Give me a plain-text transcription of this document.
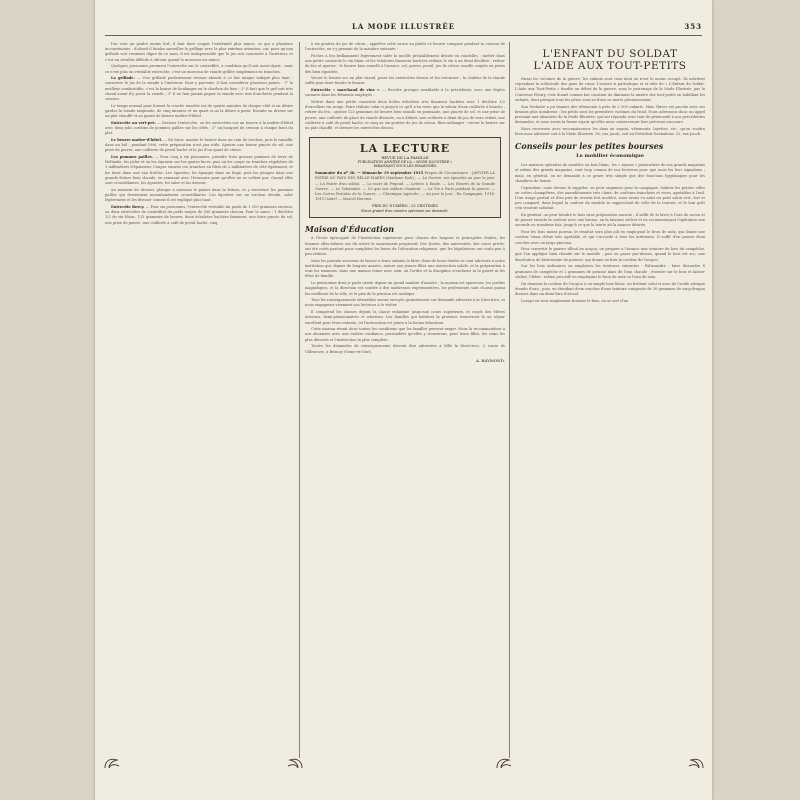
LA MODE ILLUSTRÉE	353

l'on veut un poulet moins fort, il faut faire couper l'extrémité plus mince, ce qui a plusieurs inconvénients : d'abord il faudra surveiller le grillage avec la plus extrême attention, car, pour qu'une grillade soit vraiment digne de ce nom, il est indispensable que le jus soit concentré à l'intérieur, et c'est un résultat difficile à obtenir quand le morceau est mince.

Quelques personnes prennent l'entrecôte sur le contrefilet, à condition qu'il soit assez épais ; mais ce n'est plus un véritable entrecôte, c'est un morceau de viande grillée simplement en tranches.

La grillade. — Une grillade parfaitement réussie aboutit à ce but unique indiqué plus haut : conserver le jus de la viande à l'intérieur. Pour y parvenir, il faut considérer plusieurs points : 1° le meilleur combustible, c'est la braise de boulanger ou le charbon de bois ; 2° il faut que le gril soit très chaud avant d'y poser la viande ; 3° il ne faut jamais piquer la viande avec une fourchette pendant la cuisson.

Le temps normal pour former la couche rissolée est de quatre minutes de chaque côté si on désire garder la viande saignante, de cinq minutes et un quart si on la désire à point. Ensuite on dresse sur un plat chauffé et on garnit de beurre maître-d'hôtel.

Entrecôte au vert-pré. — Dresser l'entrecôte, ou les entrecôtes sur un beurre à la maître-d'hôtel avec deux jolis cordons de pommes pailles sur les côtés ; 2° un bouquet de cresson à chaque bout du plat.

Le beurre maître-d'hôtel. — En hiver, manier le beurre dans un coin de torchon, puis le ramollir dans un bol ; pendant l'été, cette préparation n'est pas utile. Ajouter une bonne pincée de sel, une prise de poivre, une cuillerée de persil haché et le jus d'un quart de citron.

Les pommes pailles. — Pour cinq à six personnes, prendre trois grosses pommes de terre de Hollande, les peler et en les équarrir sur les quatre faces, puis on les coupe en tranches régulières de 3 millimètres d'épaisseur. Couper ensuite ces tranches en filets de 2 millimètres de côté également, et les laver dans une eau fraîche. Les égoutter, les éponger dans un linge, puis les plonger dans une grande friture bien chaude, en remuant avec l'écumoire pour qu'elles ne se collent pas. Quand elles sont croustillantes, les égoutter, les saler et les dresser.

Au moment de dresser, plonger à nouveau le panier dans la friture, et y renverser les pommes pailles qui deviennent instantanément croustillantes. Les égoutter sur un torchon étendu, saler légèrement et les dresser comme il est expliqué plus haut.

Entrecôte Bercy. — Pour six personnes, l'entrecôte véritable du poids de 1 200 grammes environ, ou deux entrecôtes de contrefilet du poids moyen de 300 grammes chacun. Pour la sauce : 1 décilitre 1/2 de vin blanc, 125 grammes de beurre, deux échalotes hachées finement, une forte pincée de sel, une prise de poivre, une cuillerée à café de persil haché, cinq

à six gouttes de jus de citron ; apprêter cette sauce au plutôt ce beurre composé pendant la cuisson de l'entrecôte, en s'y prenant de la manière suivante :

Poches à feu brillamment légèrement salée la moelle préalablement divisée en rondelles ; mettre dans une petite casserole le vin blanc et les échalotes finement hachées réduire le vin à un demi-décilitre ; retirer du feu et ajouter : le beurre bien ramolli à l'avance, sel, poivre, persil, jus de citron, moelle coupée en petits dés bien égouttée.

Verser le beurre sur un plat chaud, poser les entrecôtes dessus et les retourner ; la chaleur de la viande suffit pour faire fondre le beurre.

Entrecôte « marchand de vins ». — Recette presque semblable à la précédente, avec une légère variante dans les éléments employés :

Mettre dans une petite casserole deux belles échalotes très finement hachées avec 1 décilitre 1/2 d'excellent vin rouge. Faire réduire celui-ci jusqu'à ce qu'il n'en reste que la valeur d'une cuillerée à bouche ; retirer du feu ; ajouter 125 grammes de beurre bien ramolli en pommade, une pincée de sel, et une prise de poivre, une cuillerée de glace de viande dissoute, ou à défaut, une cuillerée à demi de jus de veau réduit, une cuillerée à café de persil haché, et cinq ou six gouttes de jus de citron. Bien mélanger ; verser le beurre sur un plat chauffé, et dresser les entrecôtes dessus.

LA LECTURE
REVUE DE LA FAMILLE
PUBLICATION ANNEXE DE LA « MODE ILLUSTRÉE »
PARAISSANT SOUS LES DIMANCHES

Sommaire du nº 36. — Dimanche 19 septembre 1915 Propos de Circonstance : JANVIER LA PATRIE AU PAYS DES BELLE-MARES (Madame Kirk) ; — La Guerre, ses épisodes au jour le jour. — La Patrie d'un soldat. — Le mort de Pégoud. — Lettres à Emile. — Les Heures de la Grande Guerre. — Le Volontaire. — Ce que nos soldats chantent. — La Vie à Paris pendant la guerre. — Les Cartes Postales de la Guerre, — Chronique Agricole. — Au jour le jour ; En Campagne, 1914-1915 (suite) — Marcel Hervieu.

PRIX DU NUMÉRO : 25 CENTIMES
Envoi gratuit d'un numéro spécimen sur demande.
Maison d'Éducation

A l'école épiscopale de l'Instruction supérieure pour chacun des langues et principales études, les femmes elles-mêmes ont dû suivre le mouvement progressif. Des lycées, des universités, des cours privés, ont été créés partout pour compléter les bases de l'éducation religieuse, que les législateurs ont voulu peu à peu réduire.

Mais les parents soucieux de laisser à leurs enfants le libre choix de leurs études se sont adressés à notre institution qui, depuis de longues années, assure aux jeunes filles une instruction solide, et la préparation à tous les examens, dans une maison tenue avec soin, où l'ordre et la discipline n'excluent ni la gaieté ni les fêtes de famille.

Le pensionnat dont je parle existe depuis un grand nombre d'années ; la maison est spacieuse, les jardins magnifiques, et la direction est confiée à des maîtresses expérimentées, les professeurs sont choisis parmi les meilleurs de la ville, et le prix de la pension est modique.

Tous les renseignements désirables seront envoyés gratuitement sur demande adressée à la Directrice, et nous engageons vivement nos lectrices à le visiter.

Il comprend les classes depuis la classe enfantine jusqu'aux cours supérieurs, et reçoit des élèves internes, demi-pensionnaires et externes. Les familles qui habitent la province trouveront là un séjour excellent pour leurs enfants, où l'instruction est jointe à la bonne éducation.

Cette maison réunit donc toutes les conditions que les familles peuvent exiger. Nous la recommandons à nos abonnées avec une entière confiance, persuadées qu'elles y trouveront, pour leurs filles, les soins les plus dévoués et l'instruction la plus complète.

Toutes les demandes de renseignements doivent être adressées à Mlle la Directrice, 3, route de Villeneuve, à Brunoy (Seine-et-Oise).

A. RAYMOND.
L'ENFANT DU SOLDAT
L'AIDE AUX TOUT-PETITS

Parmi les victimes de la guerre, les enfants sont ceux dont on n'est le moins occupé. Ils méritent cependant la sollicitude des gens de cœur. L'œuvre si patriotique et si utile de « L'Enfant du Soldat, L'Aide aux Tout-Petits » fondée au début de la guerre, sous le patronage de la Mode Illustrée, par la Comtesse Fleury, s'est donné comme but constant de diminuer la misère des tout-petits en habillant les enfants, dont presque tous les pères sont au front ou morts glorieusement.

Son Vestiaire a pu donner des vêtements à près de 2 000 enfants. Mais l'hiver est proche avec ses besoins plus nombreux ; les petits sont les premières victimes du froid. Nous adressons donc un appel pressant aux abonnées de la Mode Illustrée, qui ont répondu avec tant de générosité à nos précédentes demandes, et nous avons la ferme espoir qu'elles nous conserveront leur précieux concours.

Nous recevrons avec reconnaissance les dons en argent, vêtements, layettes, etc., qu'on voudra bien nous adresser soit à la Mode Illustrée, 56, rue Jacob, soit au Président-Souhaiteur, 22, rue Jacob.

Conseils pour les petites bourses
Le mobilier économique

Les maisons spéciales de meubles en bois blanc, les « rayons » particuliers de nos grands magasins et même des grands magasins, sont trop connus de nos lectrices pour que nous les leur signalions ; mais, en général, on ne demande à ce genre très simple que des fonctions hygiéniques pour les chambres de bonne.

Cependant, nous devons le rappeler, on peut organiser pour la campagne, habiter les petites villes ou cottes champêtres, des ameublements très clairs, de couleurs tranchées et vives, agréables à l'œil. D'un usage parfait et d'un prix de revient fort modéré, nous avons vu ainsi un petit salon vert, fort et peu comparé, dans lequel la couleur du meuble se rapprochait de celle de la tenture, et le bon goût s'en trouvait satisfait.

En général, on peut teindre le bois sans préparation aucune : il suffit de le laver à l'eau de savon et de passer ensuite la couleur avec une brosse, en la laissant sécher et en recommençant l'opération une seconde ou troisième fois, jusqu'à ce que la teinte ait la nuance désirée.

Pour les bois moins poreux, le résultat sera plus joli en employant le brou de noix, qui donne une couleur vieux chêne très agréable, et qui s'accorde à tous les intérieurs. Il suffit d'en passer deux couches avec un large pinceau.

Pour convertir le pauvre tilleul en acajou, on prépare à l'avance une teinture de bois de campêche, que l'on applique bien chaude sur le meuble ; puis on passe par-dessus, quand le bois est sec, une dissolution de bichromate de potasse, qui donne au bois la couleur de l'acajou.

Sur les bois ordinaires on emploiera les teintures suivantes : Palissandre : faire dissoudre 8 grammes de campêche et 2 grammes de potasse dans de l'eau chaude ; étendre sur le bois et laisser sécher. Chêne : même procédé en employant le brou de noix ou l'eau de noix.

On donnera la couleur de l'acajou à un simple bois blanc, en frottant celui-ci avec de l'acide nitrique étendu d'eau ; puis, en étendant deux couches d'une teinture composée de 30 grammes de sang-dragon dissous dans un demi-litre d'alcool.

Lorsqu'on veut simplement bronzer le bois, on se sert d'un
